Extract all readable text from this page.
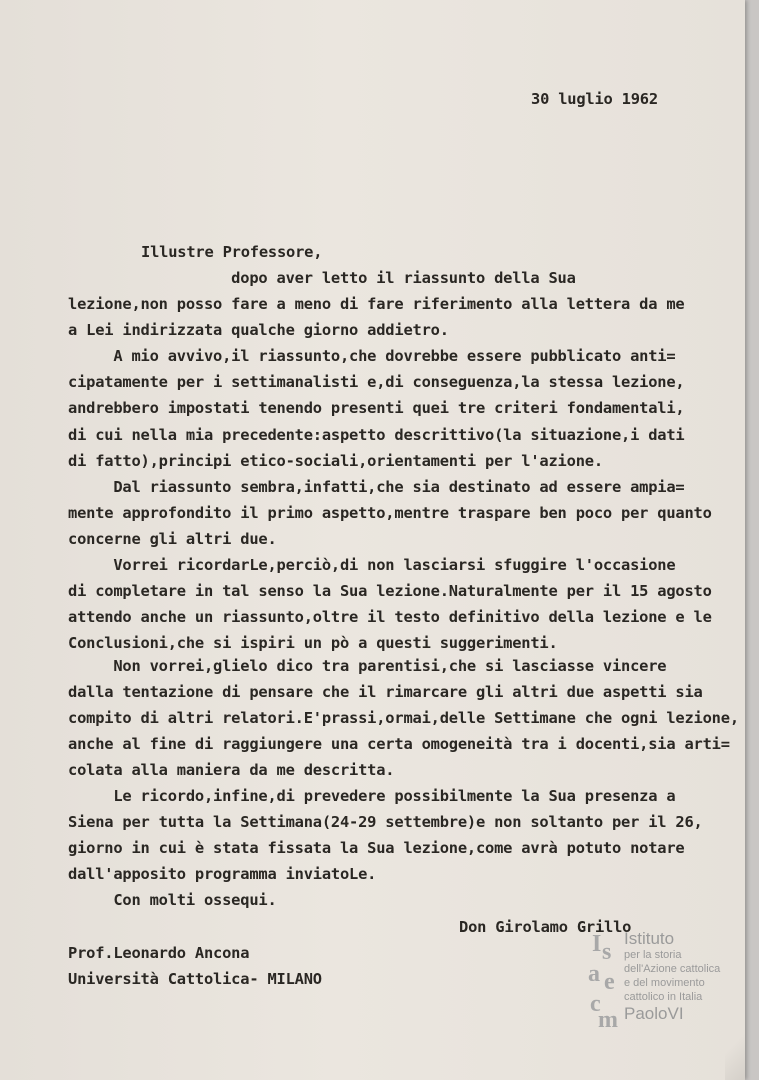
30 luglio 1962
Illustre Professore,
dopo aver letto il riassunto della Sua
lezione,non posso fare a meno di fare riferimento alla lettera da me
a Lei indirizzata qualche giorno addietro.
A mio avvivo,il riassunto,che dovrebbe essere pubblicato anti=
cipatamente per i settimanalisti e,di conseguenza,la stessa lezione,
andrebbero impostati tenendo presenti quei tre criteri fondamentali,
di cui nella mia precedente:aspetto descrittivo(la situazione,i dati
di fatto),principi etico-sociali,orientamenti per l'azione.
Dal riassunto sembra,infatti,che sia destinato ad essere ampia=
mente approfondito il primo aspetto,mentre traspare ben poco per quanto
concerne gli altri due.
Vorrei ricordarLe,perciò,di non lasciarsi sfuggire l'occasione
di completare in tal senso la Sua lezione.Naturalmente per il 15 agosto
attendo anche un riassunto,oltre il testo definitivo della lezione e le
Conclusioni,che si ispiri un pò a questi suggerimenti.
Non vorrei,glielo dico tra parentisi,che si lasciasse vincere
dalla tentazione di pensare che il rimarcare gli altri due aspetti sia
compito di altri relatori.E'prassi,ormai,delle Settimane che ogni lezione,
anche al fine di raggiungere una certa omogeneità tra i docenti,sia arti=
colata alla maniera da me descritta.
Le ricordo,infine,di prevedere possibilmente la Sua presenza a
Siena per tutta la Settimana(24-29 settembre)e non soltanto per il 26,
giorno in cui è stata fissata la Sua lezione,come avrà potuto notare
dall'apposito programma inviatoLe.
Con molti ossequi.
Don Girolamo Grillo
Prof.Leonardo Ancona
Università Cattolica- MILANO
I s
a e
c
m
Istituto
per la storia
dell'Azione cattolica
e del movimento
cattolico in Italia
PaoloVI
